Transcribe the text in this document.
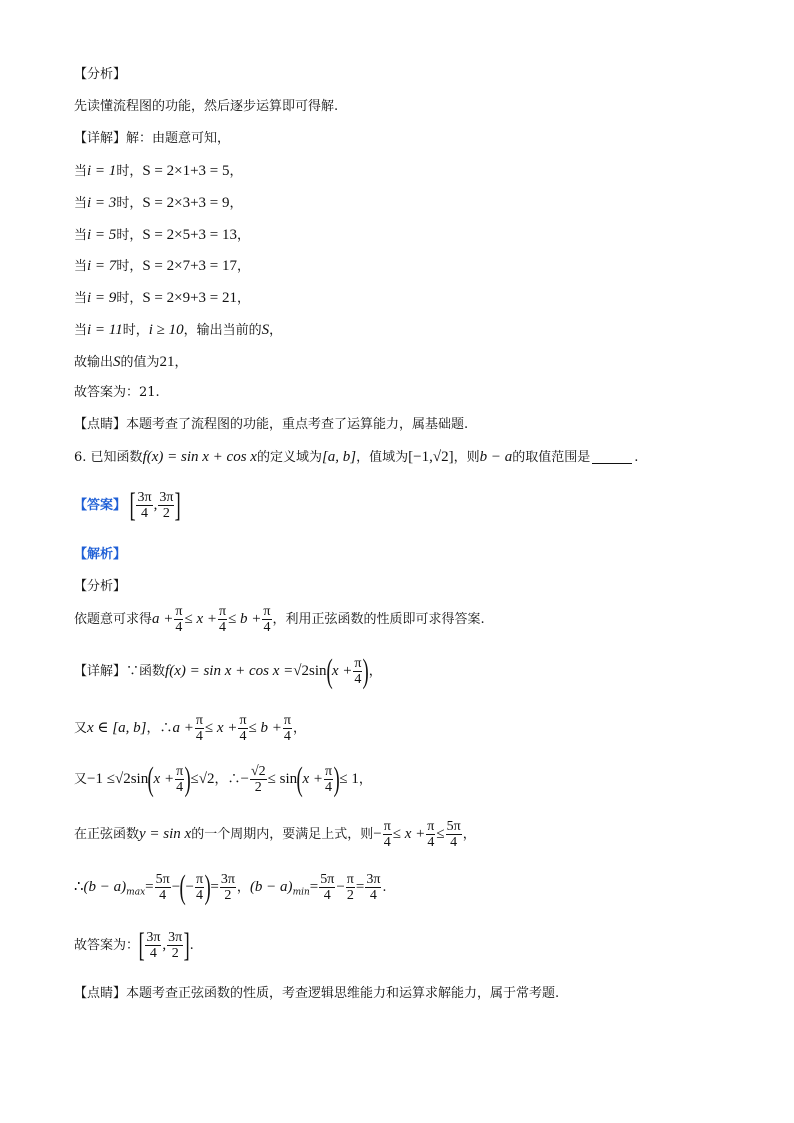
【分析】
先读懂流程图的功能，然后逐步运算即可得解.
【详解】解：由题意可知，
当i = 1时，S = 2×1+3 = 5，
当i = 3时，S = 2×3+3 = 9，
当i = 5时，S = 2×5+3 = 13，
当i = 7时，S = 2×7+3 = 17，
当i = 9时，S = 2×9+3 = 21，
当i = 11时，i ≥ 10，输出当前的S，
故输出S的值为21，
故答案为：21.
【点睛】本题考查了流程图的功能，重点考查了运算能力，属基础题.
6. 已知函数f(x) = sin x + cos x的定义域为[a, b]，值域为[−1,√2]，则b − a的取值范围是	.
【答案】 [ $\frac{3\pi}{4}$ , $\frac{3\pi}{2}$ ]
【解析】
【分析】
依题意可求得$a + \frac{\pi}{4} \le x + \frac{\pi}{4} \le b + \frac{\pi}{4}$ ，利用正弦函数的性质即可求得答案.
【详解】∵函数$f(x) = \sin x + \cos x =√2\sin(x + \frac{\pi}{4}$ )，
又x ∈ [a, b]，∴a + $\frac{\pi}{4} \le x + \frac{\pi}{4} \le b + \frac{\pi}{4}$ ，
又$-1 \le√2\sin(x + \frac{\pi}{4} )\le√2$，∴− $\frac{√2}{2} \le \sin(x + \frac{\pi}{4}$ )≤ 1，
在正弦函数y = sin x的一个周期内，要满足上式，则− $\frac{\pi}{4} \le x + \frac{\pi}{4} \le \frac{5\pi}{4}$ ，
∴(b − $a)_{max}= \frac{5\pi}{4}$ −(− $\frac{\pi}{4}$ )= $\frac{3\pi}{2}$ ，$(b - a)_{min}= \frac{5\pi}{4} - \frac{\pi}{2} = \frac{3\pi}{4}$ .
故答案为：[ $\frac{3\pi}{4}$ , $\frac{3\pi}{2}$ ].
【点睛】本题考查正弦函数的性质，考查逻辑思维能力和运算求解能力，属于常考题.
